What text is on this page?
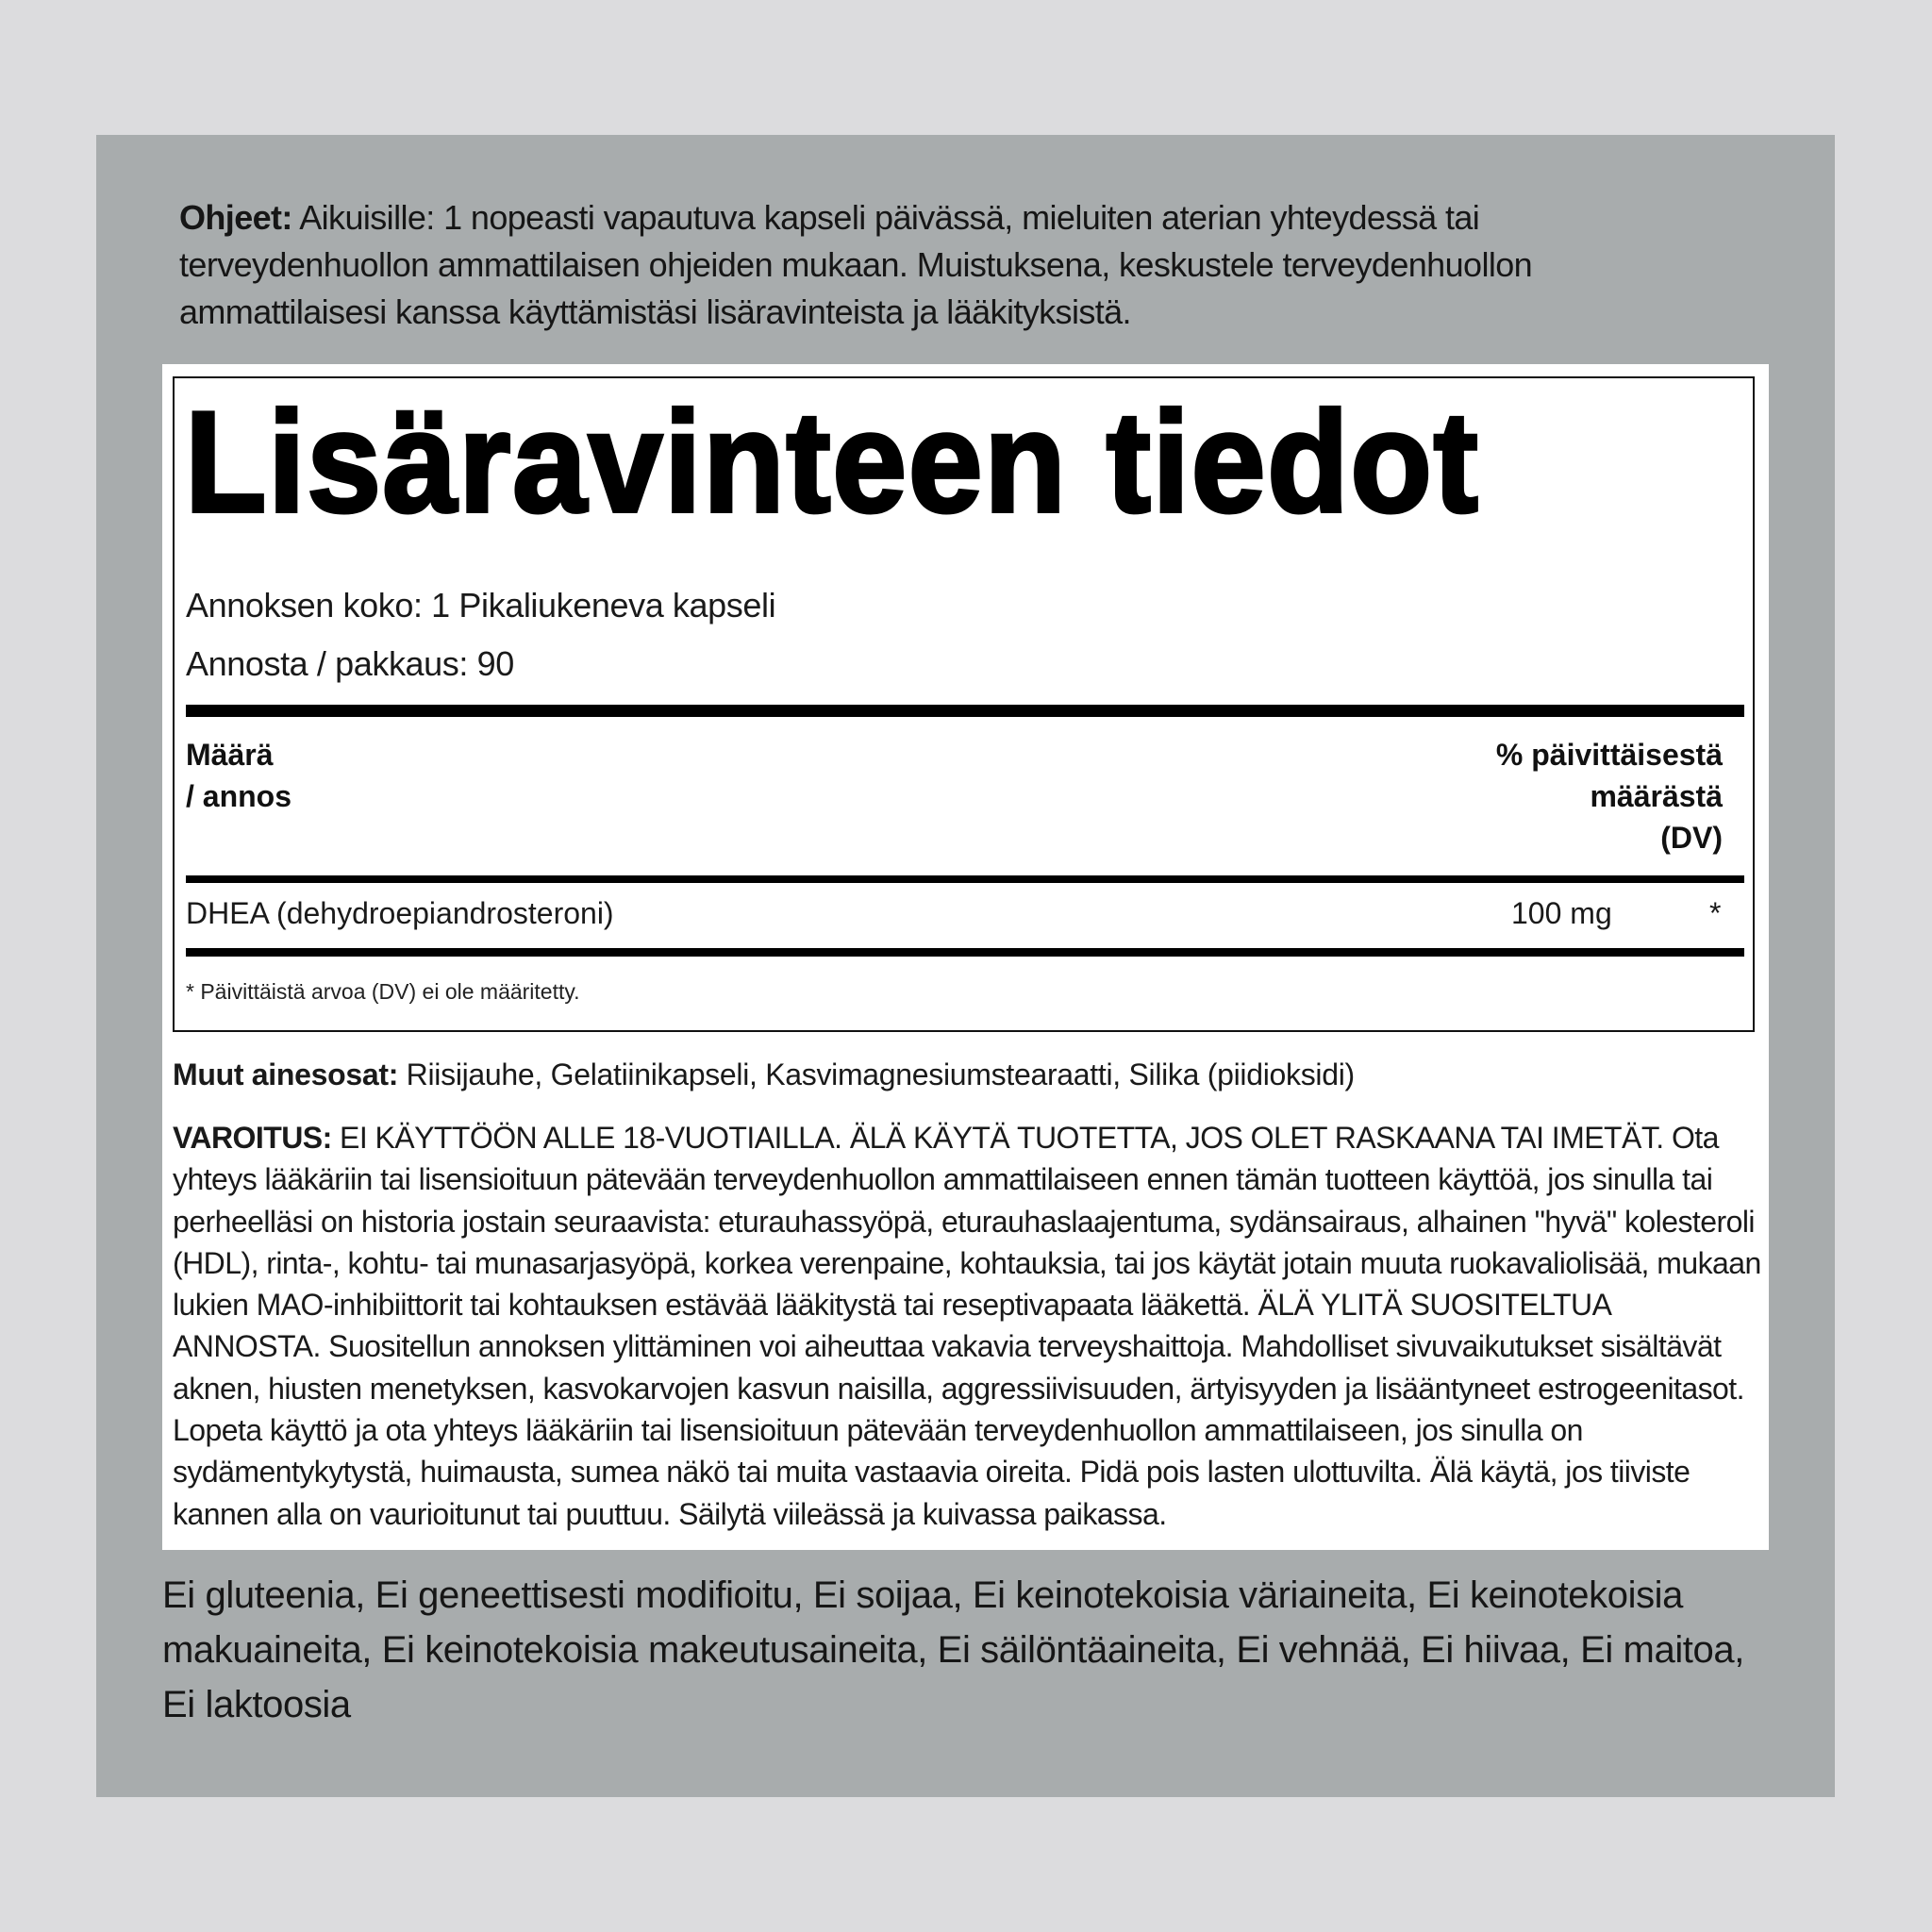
Ohjeet: Aikuisille: 1 nopeasti vapautuva kapseli päivässä, mieluiten aterian yhteydessä tai terveydenhuollon ammattilaisen ohjeiden mukaan. Muistuksena, keskustele terveydenhuollon ammattilaisesi kanssa käyttämistäsi lisäravinteista ja lääkityksistä.
Lisäravinteen tiedot
Annoksen koko: 1 Pikaliukeneva kapseli
Annosta / pakkaus: 90
Määrä
/ annos
% päivittäisestä
määrästä
(DV)
DHEA (dehydroepiandrosteroni)	100 mg	*
* Päivittäistä arvoa (DV) ei ole määritetty.
Muut ainesosat: Riisijauhe, Gelatiinikapseli, Kasvimagnesiumstearaatti, Silika (piidioksidi)
VAROITUS: EI KÄYTTÖÖN ALLE 18-VUOTIAILLA. ÄLÄ KÄYTÄ TUOTETTA, JOS OLET RASKAANA TAI IMETÄT. Ota yhteys lääkäriin tai lisensioituun pätevään terveydenhuollon ammattilaiseen ennen tämän tuotteen käyttöä, jos sinulla tai perheelläsi on historia jostain seuraavista: eturauhassyöpä, eturauhaslaajentuma, sydänsairaus, alhainen "hyvä" kolesteroli (HDL), rinta-, kohtu- tai munasarjasyöpä, korkea verenpaine, kohtauksia, tai jos käytät jotain muuta ruokavaliolisää, mukaan lukien MAO-inhibiittorit tai kohtauksen estävää lääkitystä tai reseptivapaata lääkettä. ÄLÄ YLITÄ SUOSITELTUA ANNOSTA. Suositellun annoksen ylittäminen voi aiheuttaa vakavia terveyshaittoja. Mahdolliset sivuvaikutukset sisältävät aknen, hiusten menetyksen, kasvokarvojen kasvun naisilla, aggressiivisuuden, ärtyisyyden ja lisääntyneet estrogeenitasot. Lopeta käyttö ja ota yhteys lääkäriin tai lisensioituun pätevään terveydenhuollon ammattilaiseen, jos sinulla on sydämentykytystä, huimausta, sumea näkö tai muita vastaavia oireita. Pidä pois lasten ulottuvilta. Älä käytä, jos tiiviste kannen alla on vaurioitunut tai puuttuu. Säilytä viileässä ja kuivassa paikassa.
Ei gluteenia, Ei geneettisesti modifioitu, Ei soijaa, Ei keinotekoisia väriaineita, Ei keinotekoisia makuaineita, Ei keinotekoisia makeutusaineita, Ei säilöntäaineita, Ei vehnää, Ei hiivaa, Ei maitoa, Ei laktoosia
